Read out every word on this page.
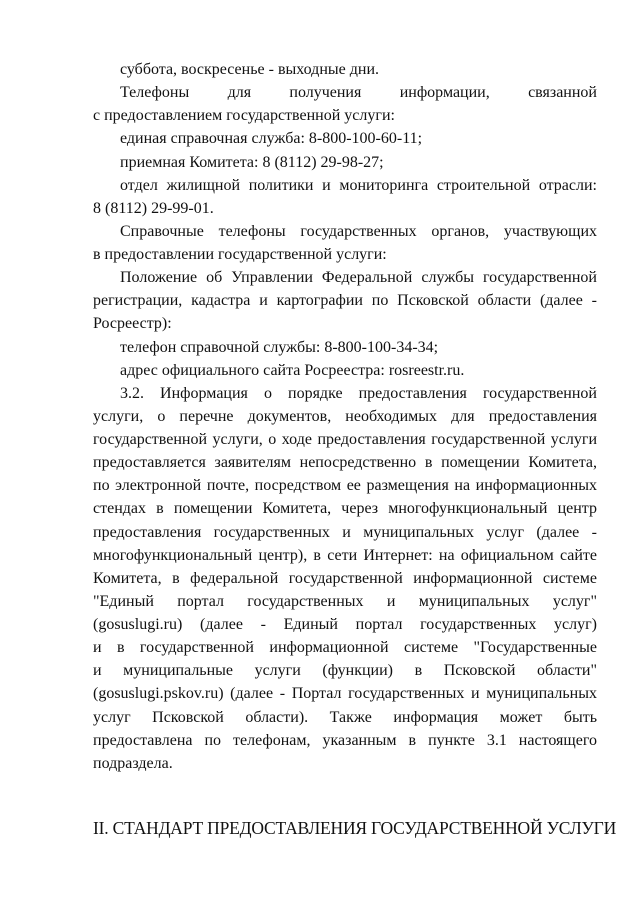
суббота, воскресенье - выходные дни.
Телефоны для получения информации, связанной
с предоставлением государственной услуги:
единая справочная служба: 8-800-100-60-11;
приемная Комитета: 8 (8112) 29-98-27;
отдел жилищной политики и мониторинга строительной отрасли:
8 (8112) 29-99-01.
Справочные телефоны государственных органов, участвующих
в предоставлении государственной услуги:
Положение об Управлении Федеральной службы государственной
регистрации, кадастра и картографии по Псковской области (далее -
Росреестр):
телефон справочной службы: 8-800-100-34-34;
адрес официального сайта Росреестра: rosreestr.ru.
3.2. Информация о порядке предоставления государственной
услуги, о перечне документов, необходимых для предоставления
государственной услуги, о ходе предоставления государственной услуги
предоставляется заявителям непосредственно в помещении Комитета,
по электронной почте, посредством ее размещения на информационных
стендах в помещении Комитета, через многофункциональный центр
предоставления государственных и муниципальных услуг (далее -
многофункциональный центр), в сети Интернет: на официальном сайте
Комитета, в федеральной государственной информационной системе
"Единый портал государственных и муниципальных услуг"
(gosuslugi.ru) (далее - Единый портал государственных услуг)
и в государственной информационной системе "Государственные
и муниципальные услуги (функции) в Псковской области"
(gosuslugi.pskov.ru) (далее - Портал государственных и муниципальных
услуг Псковской области). Также информация может быть
предоставлена по телефонам, указанным в пункте 3.1 настоящего
подраздела.
II. СТАНДАРТ ПРЕДОСТАВЛЕНИЯ ГОСУДАРСТВЕННОЙ УСЛУГИ
